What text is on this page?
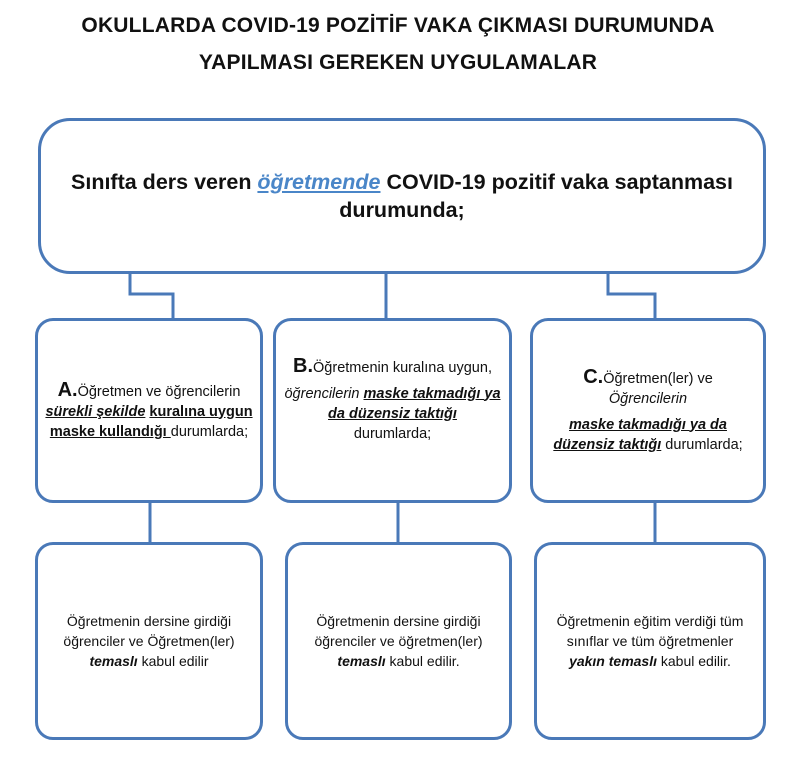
OKULLARDA COVID-19 POZİTİF VAKA ÇIKMASI DURUMUNDA
YAPILMASI GEREKEN UYGULAMALAR
Sınıfta ders veren öğretmende COVID-19 pozitif vaka saptanması durumunda;
A.Öğretmen ve öğrencilerin
sürekli şekilde kuralına uygun maske kullandığı durumlarda;
B.Öğretmenin kuralına uygun,

öğrencilerin maske takmadığı ya da düzensiz taktığı
durumlarda;
C.Öğretmen(ler) ve
Öğrencilerin

maske takmadığı ya da düzensiz taktığı durumlarda;
Öğretmenin dersine girdiği öğrenciler ve Öğretmen(ler)
temaslı kabul edilir
Öğretmenin dersine girdiği öğrenciler ve öğretmen(ler)
temaslı kabul edilir.
Öğretmenin eğitim verdiği tüm sınıflar ve tüm öğretmenler
yakın temaslı kabul edilir.
